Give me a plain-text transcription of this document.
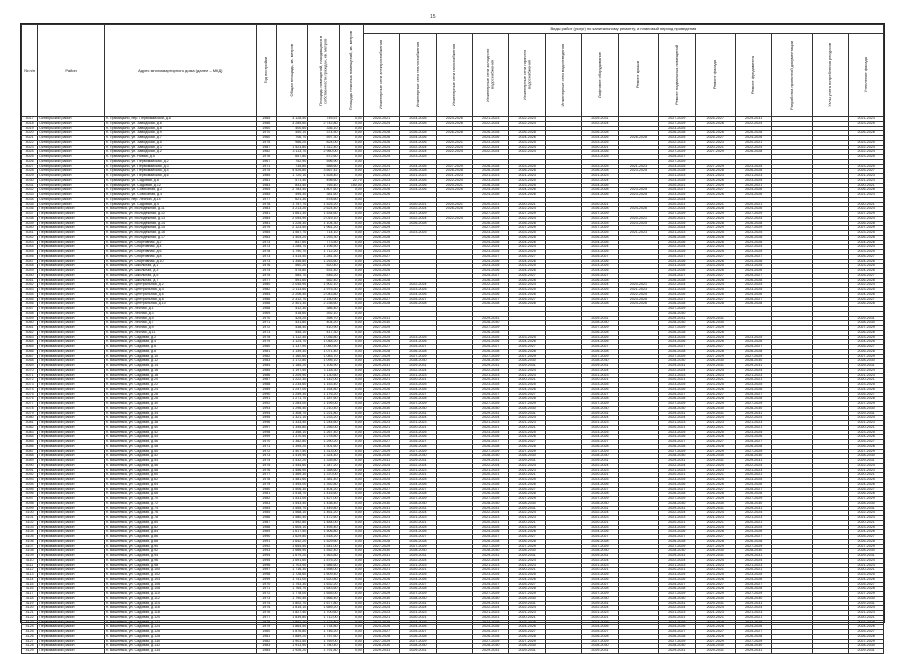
15
№ п/п	Район	Адрес многоквартирного дома (далее – МКД)	Год постройки	Общая площадь, кв. метров	Площадь помещений, находящихся в собственности граждан, кв. метров	Площадь нежилых помещений, кв. метров	Виды работ (услуг) по капитальному ремонту, и плановый период проведения													

							Инженерные сети электроснабжения	Инженерные сети теплоснабжения	Инженерные сети газоснабжения	Инженерные сети холодного водоснабжения	Инженерные сети горячего водоснабжения	Инженерные сети водоотведения	Лифтовое оборудование	Ремонт крыши	Ремонт подвальных помещений	Ремонт фасада	Ремонт фундамента	Разработка проектной документации	Узлы учета потребления ресурсов	Утепление фасада

4017	Октябрьский район	п. Прямицыно, пер. Первомайский, д.8	1985	3 128,50	749,57	0,00	2020-2021	2024-2026	2024-2026	2021-2023	2022-2024		2029-2031		2027-2029	2025-2027	2029-2031			2021-2023
4018	Октябрьский район	п. Прямицыно, ул. Заводская, д.6	1986	3 285,60	2 742,80	0,00	2022-2024	2024-2026	2024-2026	2022-2024	2022-2024		2022-2024		2027-2029	2024-2026	2022-2024			2023-2025
4019	Октябрьский район	п. Прямицыно, ул. Заводская, д.8	1960	400,60	336,10	0,00									2023-2025					
4020	Октябрьский район	п. Прямицыно, ул. Заводская, д.9	1970	450,10	374,50	0,00	2026-2028	2026-2028	2026-2028	2026-2028	2026-2028		2026-2028		2026-2028	2026-2028	2026-2028			2026-2028
4021	Октябрьский район	п. Прямицыно, ул. Заводская, д.7	1960	706,70	597,30	0,00	2024-2026	2024-2026		2024-2026	2024-2026		2024-2026	2026-2028	2023-2025	2025-2027	2024-2026			
4022	Октябрьский район	п. Прямицыно, ул. Заводская, д.5	1975	986,20	824,00	0,00	2024-2026	2024-2026	2020-2021	2023-2025	2023-2025		2023-2025		2022-2023	2022-2023	2020-2021			2023-2025
4023	Октябрьский район	п. Прямицыно, ул. Заводская, д.3	1987	1 523,80	1 312,40	0,00	2022-2024	2022-2024	2022-2024	2022-2024	2022-2024		2020-2021		2023-2025	2020-2021	2022-2024			2022-2024
4024	Октябрьский район	п. Прямицыно, ул. Заводская, д.2	1982	3 113,70	2 960,00	0,00	2022-2024	2022-2024	2022-2024	2022-2024	2022-2024		2024-2026		2027-2029	2027-2029	2026-2028			2022-2024
4025	Октябрьский район	п. Прямицыно, ул. Новая, д.5	1976	657,80	572,60	0,00	2023-2025	2023-2025					2023-2025		2025-2027					2023-2025
4026	Октябрьский район	п. Прямицыно, ул. Первомайская, д.2	1967	752,90	596,90	0,00									2027-2029					
4027	Октябрьский район	п. Прямицыно, ул. Первомайская, д.3	1971	735,80	588,60	0,00	2022-2024	2024-2026	2027-2029	2026-2028	2023-2025		2023-2025	2021-2023	2023-2025	2027-2029	2023-2025			2023-2025
4028	Октябрьский район	п. Прямицыно, ул. Первомайская, д.4	1975	4 526,80	3 667,42	0,00	2025-2027	2026-2028	2026-2028	2026-2028	2026-2028		2026-2028	2023-2025	2026-2028	2026-2028	2026-2028			2025-2027
4029	Октябрьский район	п. Прямицыно, ул. Первомайская, д.6	1985	1 720,10	1 528,40	0,00	2021-2023	2021-2023	2021-2023	2021-2023	2021-2023		2021-2023		2021-2023	2021-2023	2021-2023			2021-2023
4030	Октябрьский район	п. Прямицыно, ул. Садовая, д.8	1981	571,40	498,60	22,70	2021-2023	2024-2026	2022-2024	2023-2025	2023-2025		2022-2024		2023-2025	2024-2026	2023-2025			2021-2023
4031	Октябрьский район	п. Прямицыно, ул. Садовая, д.12	1983	843,50	765,40	150,00	2020-2021	2024-2026	2020-2021	2026-2028	2023-2025		2024-2026		2020-2021	2027-2029	2020-2021			2020-2021
4032	Октябрьский район	п. Прямицыно, ул. Совхозная, д.2	1964	2 783,40	1 807,60	0,00	2024-2026	2024-2026	2024-2026	2024-2026	2024-2026		2026-2028	2023-2025	2025-2027	2025-2027	2024-2026			2026-2028
4033	Октябрьский район	п. Прямицыно, ул. Совхозная, д.4	1985	495,30	381,60	0,00	2024-2026			2024-2026	2024-2026		2024-2026	2023-2025	2023-2025	2024-2026	2024-2026			2021-2023
4034	Октябрьский район	п. Прямицыно, пер. Лесной, д.14	1977	621,30	578,60	0,00									2022-2024					
4035	Октябрьский район	п. Прямицыно, ул. Садовая, д.4	1978	1 757,70	1 525,20	0,00	2020-2021	2020-2021	2020-2021	2020-2021	2020-2021		2020-2021		2020-2021	2020-2021	2020-2021			2020-2021
4036	Первомайский район	п. Вишнёвка, ул. Молодёжная, д.11	1983	3 213,20	2 624,40	0,00	2026-2028	2022-2024	2026-2028	2022-2024	2022-2024		2026-2028	2024-2026	2022-2024	2026-2028	2024-2026			2022-2024
4037	Первомайский район	п. Вишнёвка, ул. Молодёжная, д.12	1981	1 661,30	1 534,60	0,00	2027-2029	2027-2029		2027-2029	2027-2029		2027-2029		2027-2029	2027-2029	2027-2029			2027-2029
4038	Первомайский район	п. Вишнёвка, ул. Молодёжная, д.13	1984	2 054,90	2 019,10	0,00	2021-2023	2022-2024	2022-2024	2022-2024	2022-2024		2022-2024	2020-2021	2020-2021	2022-2024	2022-2024			2022-2024
4039	Первомайский район	п. Вишнёвка, ул. Молодёжная, д.14	1981	1 226,30	1 104,30	0,00	2026-2028	2026-2028		2026-2028	2026-2028		2023-2025	2023-2025	2023-2025	2026-2028	2026-2028			2026-2028
4040	Первомайский район	п. Вишнёвка, ул. Молодёжная, д.15	1979	2 123,50	1 961,20	0,00	2027-2029			2027-2029	2027-2029		2027-2029		2022-2024	2027-2029	2027-2029			2027-2029
4041	Первомайский район	п. Вишнёвка, ул. Молодёжная, д.16	1985	1 557,70	714,10	0,00	2027-2029	2023-2025		2023-2025	2023-2025		2023-2025	2021-2023	2021-2023	2023-2025	2023-2025			2023-2025
4042	Первомайский район	п. Вишнёвка, ул. Молодёжная, д.17	1983	1 404,20	1 293,30	0,00	2026-2028			2026-2028	2026-2028		2026-2028		2026-2028	2026-2028	2026-2028			2026-2028
4043	Первомайский район	п. Вишнёвка, ул. Спортивная, д.2	1973	847,60	773,50	0,00	2024-2026			2024-2026	2024-2026		2024-2026		2024-2026	2024-2026	2024-2026			2024-2026
4044	Первомайский район	п. Вишнёвка, ул. Спортивная, д.4	1973	1 285,70	1 196,50	0,00	2022-2024			2022-2024	2022-2024		2022-2024		2022-2024	2022-2024	2022-2024			2022-2024
4045	Первомайский район	п. Вишнёвка, ул. Спортивная, д.6	1978	1 790,70	1 712,20	0,00	2023-2025			2023-2025	2023-2025		2023-2025		2023-2025	2023-2025	2023-2025			2023-2025
4046	Первомайский район	п. Вишнёвка, ул. Спортивная, д.8	1973	1 414,40	1 281,30	0,00	2025-2027			2025-2027	2025-2027		2025-2027		2025-2027	2025-2027	2025-2027			2025-2027
4047	Первомайский район	п. Вишнёвка, ул. Спортивная, д.10	1973	1 356,80	1 253,60	0,00	2024-2026			2024-2026	2024-2026		2024-2026		2024-2026	2024-2026	2024-2026			2024-2026
4048	Первомайский район	п. Вишнёвка, ул. Школьная, д.1	1976	560,20	520,40	0,00	2023-2025			2023-2025	2023-2025		2023-2025		2023-2025	2023-2025	2023-2025			2023-2025
4049	Первомайский район	п. Вишнёвка, ул. Школьная, д.3	1974	575,80	531,40	0,00	2024-2026			2024-2026	2024-2026		2024-2026		2024-2026	2024-2026	2024-2026			2024-2026
4050	Первомайский район	п. Вишнёвка, ул. Школьная, д.5	1975	584,70	546,20	0,00	2025-2027			2025-2027	2025-2027		2025-2027		2025-2027	2025-2027	2025-2027			2025-2027
4051	Первомайский район	п. Вишнёвка, ул. Школьная, д.7	1977	591,60	552,40	0,00	2026-2028			2026-2028	2026-2028		2026-2028		2026-2028	2026-2028	2026-2028			2026-2028
4052	Первомайский район	п. Вишнёвка, ул. Центральная, д.2	1980	2 045,90	1 902,10	0,00	2022-2024	2022-2024		2022-2024	2022-2024		2022-2024	2020-2021	2022-2024	2022-2024	2022-2024			2022-2024
4053	Первомайский район	п. Вишнёвка, ул. Центральная, д.4	1982	2 113,60	1 975,30	0,00	2023-2025	2023-2025		2023-2025	2023-2025		2023-2025	2021-2023	2023-2025	2023-2025	2023-2025			2023-2025
4054	Первомайский район	п. Вишнёвка, ул. Центральная, д.6	1984	2 206,40	2 043,80	0,00	2024-2026	2024-2026		2024-2026	2024-2026		2024-2026	2022-2024	2024-2026	2024-2026	2024-2026			2024-2026
4055	Первомайский район	п. Вишнёвка, ул. Центральная, д.8	1986	2 312,70	2 150,90	0,00	2025-2027	2025-2027		2025-2027	2025-2027		2025-2027	2023-2025	2025-2027	2025-2027	2025-2027			2025-2027
4056	Первомайский район	п. Вишнёвка, ул. Центральная, д.10	1988	2 401,30	2 238,60	0,00	2026-2028	2026-2028		2026-2028	2026-2028		2026-2028	2024-2026	2026-2028	2026-2028	2026-2028			2026-2028
4057	Первомайский район	п. Вишнёвка, ул. Лесная, д.1	1968	412,30	386,40	0,00									2027-2029					
4058	Первомайский район	п. Вишнёвка, ул. Лесная, д.3	1969	418,60	392,10	0,00									2028-2030					
4059	Первомайский район	п. Вишнёвка, ул. Лесная, д.5	1970	425,20	398,70	0,00	2029-2031			2029-2031			2029-2031		2029-2031	2029-2031				2029-2031
4060	Первомайский район	п. Вишнёвка, ул. Лесная, д.7	1971	431,80	404,20	0,00	2028-2030			2028-2030			2028-2030		2028-2030	2028-2030				2028-2030
4061	Первомайский район	п. Вишнёвка, ул. Лесная, д.9	1972	438,40	410,90	0,00	2027-2029			2027-2029			2027-2029		2027-2029	2027-2029				2027-2029
4062	Первомайский район	п. Вишнёвка, ул. Лесная, д.11	1973	445,10	417,30	0,00	2026-2028			2026-2028			2026-2028		2026-2028	2026-2028				2026-2028
4063	Первомайский район	п. Вишнёвка, ул. Садовая, д.2	1978	1 112,40	1 036,80	0,00	2023-2025	2023-2025		2023-2025	2023-2025		2023-2025		2023-2025	2023-2025	2023-2025			2023-2025
4064	Первомайский район	п. Вишнёвка, ул. Садовая, д.4	1979	1 124,70	1 048,20	0,00	2024-2026	2024-2026		2024-2026	2024-2026		2024-2026		2024-2026	2024-2026	2024-2026			2024-2026
4065	Первомайский район	п. Вишнёвка, ул. Садовая, д.6	1980	1 137,90	1 060,50	0,00	2025-2027	2025-2027		2025-2027	2025-2027		2025-2027		2025-2027	2025-2027	2025-2027			2025-2027
4066	Первомайский район	п. Вишнёвка, ул. Садовая, д.8	1981	1 149,30	1 071,40	0,00	2026-2028	2026-2028		2026-2028	2026-2028		2026-2028		2026-2028	2026-2028	2026-2028			2026-2028
4067	Первомайский район	п. Вишнёвка, ул. Садовая, д.10	1982	1 160,60	1 083,70	0,00	2027-2029	2027-2029		2027-2029	2027-2029		2027-2029		2027-2029	2027-2029	2027-2029			2027-2029
4068	Первомайский район	п. Вишнёвка, ул. Садовая, д.12	1983	1 172,80	1 095,10	0,00	2028-2030	2028-2030		2028-2030	2028-2030		2028-2030		2028-2030	2028-2030	2028-2030			2028-2030
4069	Первомайский район	п. Вишнёвка, ул. Садовая, д.14	1984	1 185,20	1 106,90	0,00	2029-2031	2029-2031		2029-2031	2029-2031		2029-2031		2029-2031	2029-2031	2029-2031			2029-2031
4070	Первомайский район	п. Вишнёвка, ул. Садовая, д.16	1985	1 197,50	1 118,30	0,00	2022-2024	2022-2024		2022-2024	2022-2024		2022-2024		2022-2024	2022-2024	2022-2024			2022-2024
4071	Первомайский район	п. Вишнёвка, ул. Садовая, д.18	1986	1 209,90	1 130,60	0,00	2021-2023	2021-2023		2021-2023	2021-2023		2021-2023		2021-2023	2021-2023	2021-2023			2021-2023
4072	Первомайский район	п. Вишнёвка, ул. Садовая, д.20	1987	1 222,30	1 142,00	0,00	2020-2021	2020-2021		2020-2021	2020-2021		2020-2021		2020-2021	2020-2021	2020-2021			2020-2021
4073	Первомайский район	п. Вишнёвка, ул. Садовая, д.22	1988	1 234,60	1 153,40	0,00	2023-2025	2023-2025		2023-2025	2023-2025		2023-2025		2023-2025	2023-2025	2023-2025			2023-2025
4074	Первомайский район	п. Вишнёвка, ул. Садовая, д.24	1989	1 247,00	1 164,80	0,00	2024-2026	2024-2026		2024-2026	2024-2026		2024-2026		2024-2026	2024-2026	2024-2026			2024-2026
4075	Первомайский район	п. Вишнёвка, ул. Садовая, д.26	1990	1 259,30	1 176,20	0,00	2025-2027	2025-2027		2025-2027	2025-2027		2025-2027		2025-2027	2025-2027	2025-2027			2025-2027
4076	Первомайский район	п. Вишнёвка, ул. Садовая, д.28	1991	1 271,70	1 187,60	0,00	2026-2028	2026-2028		2026-2028	2026-2028		2026-2028		2026-2028	2026-2028	2026-2028			2026-2028
4077	Первомайский район	п. Вишнёвка, ул. Садовая, д.30	1992	1 284,00	1 199,00	0,00	2027-2029	2027-2029		2027-2029	2027-2029		2027-2029		2027-2029	2027-2029	2027-2029			2027-2029
4078	Первомайский район	п. Вишнёвка, ул. Садовая, д.32	1993	1 296,40	1 210,40	0,00	2028-2030	2028-2030		2028-2030	2028-2030		2028-2030		2028-2030	2028-2030	2028-2030			2028-2030
4079	Первомайский район	п. Вишнёвка, ул. Садовая, д.34	1994	1 308,70	1 221,80	0,00	2029-2031	2029-2031		2029-2031	2029-2031		2029-2031		2029-2031	2029-2031	2029-2031			2029-2031
4080	Первомайский район	п. Вишнёвка, ул. Садовая, д.36	1995	1 321,10	1 233,20	0,00	2022-2024	2022-2024		2022-2024	2022-2024		2022-2024		2022-2024	2022-2024	2022-2024			2022-2024
4081	Первомайский район	п. Вишнёвка, ул. Садовая, д.38	1996	1 333,40	1 244,60	0,00	2021-2023	2021-2023		2021-2023	2021-2023		2021-2023		2021-2023	2021-2023	2021-2023			2021-2023
4082	Первомайский район	п. Вишнёвка, ул. Садовая, д.40	1997	1 345,80	1 256,00	0,00	2020-2021	2020-2021		2020-2021	2020-2021		2020-2021		2020-2021	2020-2021	2020-2021			2020-2021
4083	Первомайский район	п. Вишнёвка, ул. Садовая, д.42	1998	1 358,10	1 267,40	0,00	2023-2025	2023-2025		2023-2025	2023-2025		2023-2025		2023-2025	2023-2025	2023-2025			2023-2025
4084	Первомайский район	п. Вишнёвка, ул. Садовая, д.44	1999	1 370,50	1 278,80	0,00	2024-2026	2024-2026		2024-2026	2024-2026		2024-2026		2024-2026	2024-2026	2024-2026			2024-2026
4085	Первомайский район	п. Вишнёвка, ул. Садовая, д.46	1970	1 382,80	1 290,20	0,00	2025-2027	2025-2027		2025-2027	2025-2027		2025-2027		2025-2027	2025-2027	2025-2027			2025-2027
4086	Первомайский район	п. Вишнёвка, ул. Садовая, д.48	1971	1 395,20	1 301,60	0,00	2026-2028	2026-2028		2026-2028	2026-2028		2026-2028		2026-2028	2026-2028	2026-2028			2026-2028
4087	Первомайский район	п. Вишнёвка, ул. Садовая, д.50	1972	1 407,50	1 313,00	0,00	2027-2029	2027-2029		2027-2029	2027-2029		2027-2029		2027-2029	2027-2029	2027-2029			2027-2029
4088	Первомайский район	п. Вишнёвка, ул. Садовая, д.52	1973	1 419,90	1 324,40	0,00	2028-2030	2028-2030		2028-2030	2028-2030		2028-2030		2028-2030	2028-2030	2028-2030			2028-2030
4089	Первомайский район	п. Вишнёвка, ул. Садовая, д.54	1974	1 432,20	1 335,80	0,00	2029-2031	2029-2031		2029-2031	2029-2031		2029-2031		2029-2031	2029-2031	2029-2031			2029-2031
4090	Первомайский район	п. Вишнёвка, ул. Садовая, д.56	1975	1 444,60	1 347,20	0,00	2022-2024	2022-2024		2022-2024	2022-2024		2022-2024		2022-2024	2022-2024	2022-2024			2022-2024
4091	Первомайский район	п. Вишнёвка, ул. Садовая, д.58	1976	1 456,90	1 358,60	0,00	2021-2023	2021-2023		2021-2023	2021-2023		2021-2023		2021-2023	2021-2023	2021-2023			2021-2023
4092	Первомайский район	п. Вишнёвка, ул. Садовая, д.60	1977	1 469,30	1 370,00	0,00	2020-2021	2020-2021		2020-2021	2020-2021		2020-2021		2020-2021	2020-2021	2020-2021			2020-2021
4093	Первомайский район	п. Вишнёвка, ул. Садовая, д.62	1978	1 481,60	1 381,40	0,00	2023-2025	2023-2025		2023-2025	2023-2025		2023-2025		2023-2025	2023-2025	2023-2025			2023-2025
4094	Первомайский район	п. Вишнёвка, ул. Садовая, д.64	1979	1 494,00	1 392,80	0,00	2024-2026	2024-2026		2024-2026	2024-2026		2024-2026		2024-2026	2024-2026	2024-2026			2024-2026
4095	Первомайский район	п. Вишнёвка, ул. Садовая, д.66	1980	1 506,30	1 404,20	0,00	2025-2027	2025-2027		2025-2027	2025-2027		2025-2027		2025-2027	2025-2027	2025-2027			2025-2027
4096	Первомайский район	п. Вишнёвка, ул. Садовая, д.68	1981	1 518,70	1 415,60	0,00	2026-2028	2026-2028		2026-2028	2026-2028		2026-2028		2026-2028	2026-2028	2026-2028			2026-2028
4097	Первомайский район	п. Вишнёвка, ул. Садовая, д.70	1982	1 531,00	1 427,00	0,00	2027-2029	2027-2029		2027-2029	2027-2029		2027-2029		2027-2029	2027-2029	2027-2029			2027-2029
4098	Первомайский район	п. Вишнёвка, ул. Садовая, д.72	1983	1 543,40	1 438,40	0,00	2028-2030	2028-2030		2028-2030	2028-2030		2028-2030		2028-2030	2028-2030	2028-2030			2028-2030
4099	Первомайский район	п. Вишнёвка, ул. Садовая, д.74	1984	1 555,70	1 449,80	0,00	2029-2031	2029-2031		2029-2031	2029-2031		2029-2031		2029-2031	2029-2031	2029-2031			2029-2031
4100	Первомайский район	п. Вишнёвка, ул. Садовая, д.76	1985	1 568,10	1 461,20	0,00	2022-2024	2022-2024		2022-2024	2022-2024		2022-2024		2022-2024	2022-2024	2022-2024			2022-2024
4101	Первомайский район	п. Вишнёвка, ул. Садовая, д.78	1986	1 580,40	1 472,60	0,00	2021-2023	2021-2023		2021-2023	2021-2023		2021-2023		2021-2023	2021-2023	2021-2023			2021-2023
4102	Первомайский район	п. Вишнёвка, ул. Садовая, д.80	1987	1 592,80	1 484,00	0,00	2020-2021	2020-2021		2020-2021	2020-2021		2020-2021		2020-2021	2020-2021	2020-2021			2020-2021
4103	Первомайский район	п. Вишнёвка, ул. Садовая, д.82	1988	1 605,10	1 495,40	0,00	2023-2025	2023-2025		2023-2025	2023-2025		2023-2025		2023-2025	2023-2025	2023-2025			2023-2025
4104	Первомайский район	п. Вишнёвка, ул. Садовая, д.84	1989	1 617,50	1 506,80	0,00	2024-2026	2024-2026		2024-2026	2024-2026		2024-2026		2024-2026	2024-2026	2024-2026			2024-2026
4105	Первомайский район	п. Вишнёвка, ул. Садовая, д.86	1990	1 629,80	1 518,20	0,00	2025-2027	2025-2027		2025-2027	2025-2027		2025-2027		2025-2027	2025-2027	2025-2027			2025-2027
4106	Первомайский район	п. Вишнёвка, ул. Садовая, д.88	1991	1 642,20	1 529,60	0,00	2026-2028	2026-2028		2026-2028	2026-2028		2026-2028		2026-2028	2026-2028	2026-2028			2026-2028
4107	Первомайский район	п. Вишнёвка, ул. Садовая, д.90	1992	1 654,50	1 541,00	0,00	2027-2029	2027-2029		2027-2029	2027-2029		2027-2029		2027-2029	2027-2029	2027-2029			2027-2029
4108	Первомайский район	п. Вишнёвка, ул. Садовая, д.92	1993	1 666,90	1 552,40	0,00	2028-2030	2028-2030		2028-2030	2028-2030		2028-2030		2028-2030	2028-2030	2028-2030			2028-2030
4109	Первомайский район	п. Вишнёвка, ул. Садовая, д.94	1994	1 679,20	1 563,80	0,00	2029-2031	2029-2031		2029-2031	2029-2031		2029-2031		2029-2031	2029-2031	2029-2031			2029-2031
4110	Первомайский район	п. Вишнёвка, ул. Садовая, д.96	1995	1 691,60	1 575,20	0,00	2022-2024	2022-2024		2022-2024	2022-2024		2022-2024		2022-2024	2022-2024	2022-2024			2022-2024
4111	Первомайский район	п. Вишнёвка, ул. Садовая, д.98	1996	1 703,90	1 586,60	0,00	2021-2023	2021-2023		2021-2023	2021-2023		2021-2023		2021-2023	2021-2023	2021-2023			2021-2023
4112	Первомайский район	п. Вишнёвка, ул. Садовая, д.100	1997	1 716,30	1 598,00	0,00	2020-2021	2020-2021		2020-2021	2020-2021		2020-2021		2020-2021	2020-2021	2020-2021			2020-2021
4113	Первомайский район	п. Вишнёвка, ул. Садовая, д.102	1998	1 728,60	1 609,40	0,00	2023-2025	2023-2025		2023-2025	2023-2025		2023-2025		2023-2025	2023-2025	2023-2025			2023-2025
4114	Первомайский район	п. Вишнёвка, ул. Садовая, д.104	1999	1 741,00	1 620,80	0,00	2024-2026	2024-2026		2024-2026	2024-2026		2024-2026		2024-2026	2024-2026	2024-2026			2024-2026
4115	Первомайский район	п. Вишнёвка, ул. Садовая, д.106	1970	1 753,30	1 632,20	0,00	2025-2027	2025-2027		2025-2027	2025-2027		2025-2027		2025-2027	2025-2027	2025-2027			2025-2027
4116	Первомайский район	п. Вишнёвка, ул. Садовая, д.108	1971	1 765,70	1 643,60	0,00	2026-2028	2026-2028		2026-2028	2026-2028		2026-2028		2026-2028	2026-2028	2026-2028			2026-2028
4117	Первомайский район	п. Вишнёвка, ул. Садовая, д.110	1972	1 778,00	1 655,00	0,00	2027-2029	2027-2029		2027-2029	2027-2029		2027-2029		2027-2029	2027-2029	2027-2029			2027-2029
4118	Первомайский район	п. Вишнёвка, ул. Садовая, д.112	1973	1 790,40	1 666,40	0,00	2028-2030	2028-2030		2028-2030	2028-2030		2028-2030		2028-2030	2028-2030	2028-2030			2028-2030
4119	Первомайский район	п. Вишнёвка, ул. Садовая, д.114	1974	1 802,70	1 677,80	0,00	2029-2031	2029-2031		2029-2031	2029-2031		2029-2031		2029-2031	2029-2031	2029-2031			2029-2031
4120	Первомайский район	п. Вишнёвка, ул. Садовая, д.116	1975	1 815,10	1 689,20	0,00	2022-2024	2022-2024		2022-2024	2022-2024		2022-2024		2022-2024	2022-2024	2022-2024			2022-2024
4121	Первомайский район	п. Вишнёвка, ул. Садовая, д.118	1976	1 827,40	1 700,60	0,00	2021-2023	2021-2023		2021-2023	2021-2023		2021-2023		2021-2023	2021-2023	2021-2023			2021-2023
4122	Первомайский район	п. Вишнёвка, ул. Садовая, д.120	1977	1 839,80	1 712,00	0,00	2020-2021	2020-2021		2020-2021	2020-2021		2020-2021		2020-2021	2020-2021	2020-2021			2020-2021
4123	Первомайский район	п. Вишнёвка, ул. Садовая, д.122	1978	1 852,10	1 723,40	0,00	2023-2025	2023-2025		2023-2025	2023-2025		2023-2025		2023-2025	2023-2025	2023-2025			2023-2025
4124	Первомайский район	п. Вишнёвка, ул. Садовая, д.124	1979	1 864,50	1 734,80	0,00	2024-2026	2024-2026		2024-2026	2024-2026		2024-2026		2024-2026	2024-2026	2024-2026			2024-2026
4125	Первомайский район	п. Вишнёвка, ул. Садовая, д.126	1980	1 876,80	1 746,20	0,00	2025-2027	2025-2027		2025-2027	2025-2027		2025-2027		2025-2027	2025-2027	2025-2027			2025-2027
4126	Первомайский район	п. Вишнёвка, ул. Садовая, д.128	1981	1 889,20	1 757,60	0,00	2026-2028	2026-2028		2026-2028	2026-2028		2026-2028		2026-2028	2026-2028	2026-2028			2026-2028
4127	Первомайский район	п. Вишнёвка, ул. Садовая, д.130	1982	1 901,50	1 769,00	0,00	2027-2029	2027-2029		2027-2029	2027-2029		2027-2029		2027-2029	2027-2029	2027-2029			2027-2029
4128	Первомайский район	п. Вишнёвка, ул. Садовая, д.132	1983	1 913,90	1 780,40	0,00	2028-2030	2028-2030		2028-2030	2028-2030		2028-2030		2028-2030	2028-2030	2028-2030			2028-2030
4129	Первомайский район	п. Вишнёвка, ул. Садовая, д.134	1984	1 926,20	1 791,80	0,00	2029-2031	2029-2031		2029-2031	2029-2031		2029-2031		2029-2031	2029-2031	2029-2031			2029-2031
